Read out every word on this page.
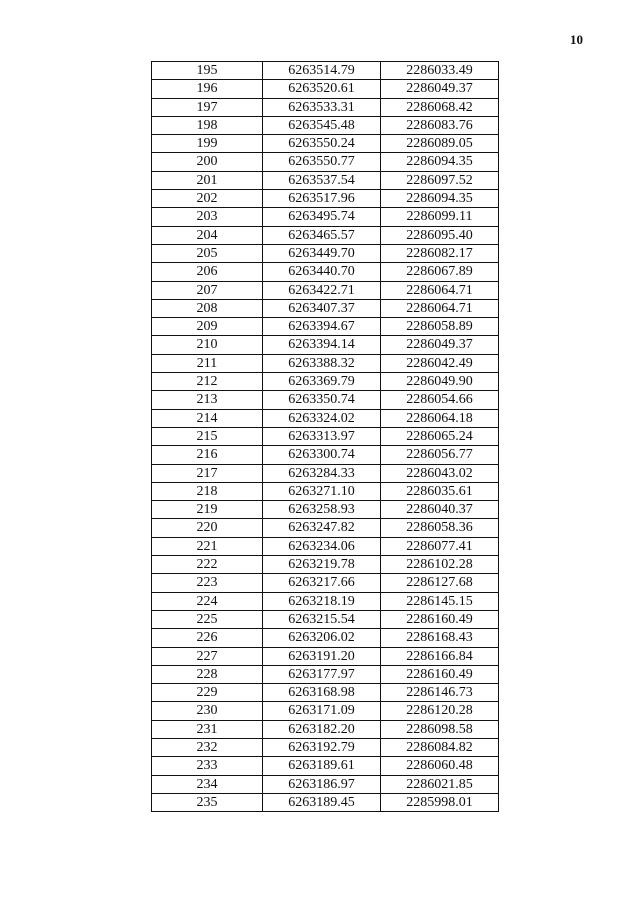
10
195	6263514.79	2286033.49
196	6263520.61	2286049.37
197	6263533.31	2286068.42
198	6263545.48	2286083.76
199	6263550.24	2286089.05
200	6263550.77	2286094.35
201	6263537.54	2286097.52
202	6263517.96	2286094.35
203	6263495.74	2286099.11
204	6263465.57	2286095.40
205	6263449.70	2286082.17
206	6263440.70	2286067.89
207	6263422.71	2286064.71
208	6263407.37	2286064.71
209	6263394.67	2286058.89
210	6263394.14	2286049.37
211	6263388.32	2286042.49
212	6263369.79	2286049.90
213	6263350.74	2286054.66
214	6263324.02	2286064.18
215	6263313.97	2286065.24
216	6263300.74	2286056.77
217	6263284.33	2286043.02
218	6263271.10	2286035.61
219	6263258.93	2286040.37
220	6263247.82	2286058.36
221	6263234.06	2286077.41
222	6263219.78	2286102.28
223	6263217.66	2286127.68
224	6263218.19	2286145.15
225	6263215.54	2286160.49
226	6263206.02	2286168.43
227	6263191.20	2286166.84
228	6263177.97	2286160.49
229	6263168.98	2286146.73
230	6263171.09	2286120.28
231	6263182.20	2286098.58
232	6263192.79	2286084.82
233	6263189.61	2286060.48
234	6263186.97	2286021.85
235	6263189.45	2285998.01
